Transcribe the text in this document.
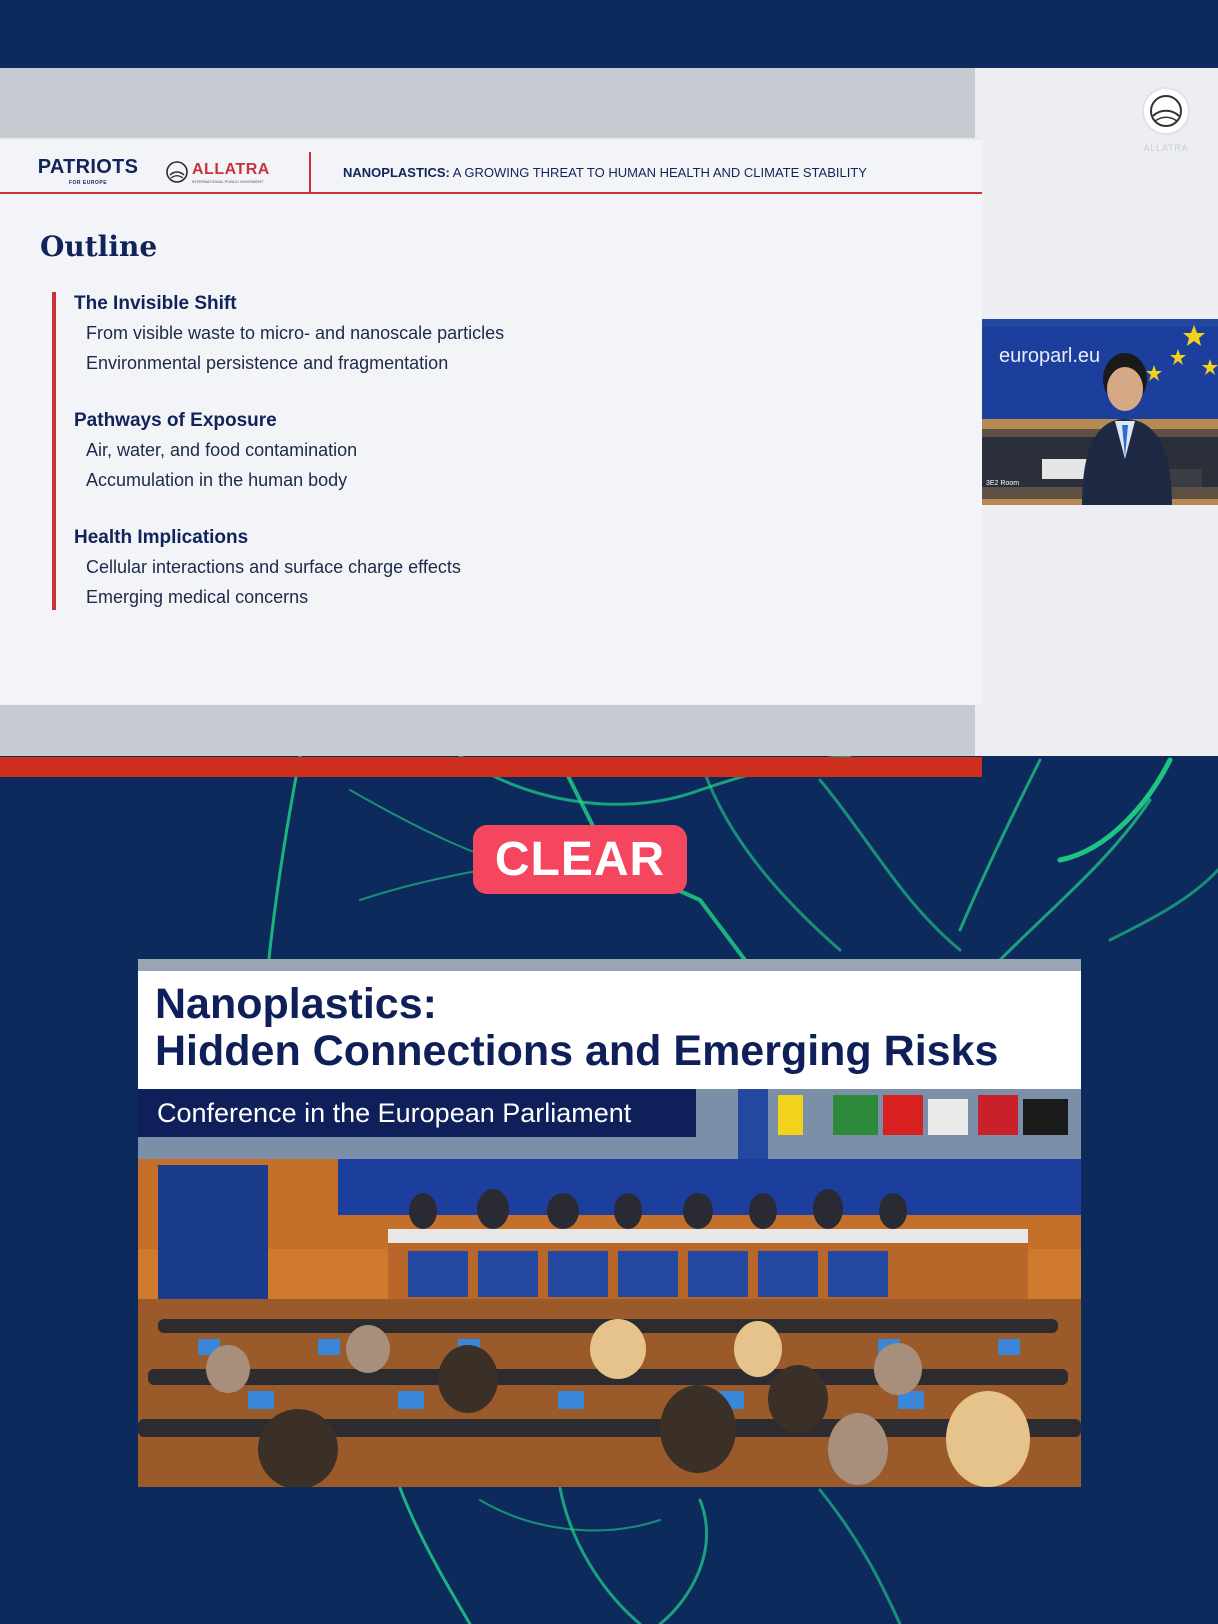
PATRIOTS
FOR EUROPE
ALLATRA
INTERNATIONAL PUBLIC MOVEMENT
NANOPLASTICS: A GROWING THREAT TO HUMAN HEALTH AND CLIMATE STABILITY
Outline
The Invisible Shift
From visible waste to micro- and nanoscale particles
Environmental persistence and fragmentation
Pathways of Exposure
Air, water, and food contamination
Accumulation in the human body
Health Implications
Cellular interactions and surface charge effects
Emerging medical concerns
ALLATRA
europarl.eu
3E2 Room
CLEAR
Nanoplastics:
Hidden Connections and Emerging Risks
Conference in the European Parliament
